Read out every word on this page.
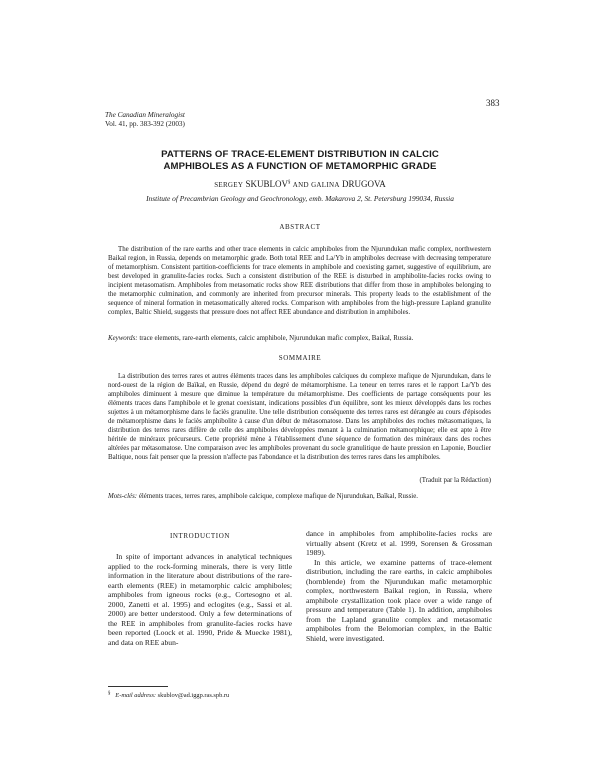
383
The Canadian Mineralogist
Vol. 41, pp. 383-392 (2003)
PATTERNS OF TRACE-ELEMENT DISTRIBUTION IN CALCIC
AMPHIBOLES AS A FUNCTION OF METAMORPHIC GRADE
SERGEY SKUBLOV§ AND GALINA DRUGOVA
Institute of Precambrian Geology and Geochronology, emb. Makarova 2, St. Petersburg 199034, Russia
ABSTRACT
The distribution of the rare earths and other trace elements in calcic amphiboles from the Njurundukan mafic complex, northwestern Baikal region, in Russia, depends on metamorphic grade. Both total REE and La/Yb in amphiboles decrease with decreasing temperature of metamorphism. Consistent partition-coefficients for trace elements in amphibole and coexisting garnet, suggestive of equilibrium, are best developed in granulite-facies rocks. Such a consistent distribution of the REE is disturbed in amphibolite-facies rocks owing to incipient metasomatism. Amphiboles from metasomatic rocks show REE distributions that differ from those in amphiboles belonging to the metamorphic culmination, and commonly are inherited from precursor minerals. This property leads to the establishment of the sequence of mineral formation in metasomatically altered rocks. Comparison with amphiboles from the high-pressure Lapland granulite complex, Baltic Shield, suggests that pressure does not affect REE abundance and distribution in amphiboles.
Keywords: trace elements, rare-earth elements, calcic amphibole, Njurundukan mafic complex, Baikal, Russia.
SOMMAIRE
La distribution des terres rares et autres éléments traces dans les amphiboles calciques du complexe mafique de Njurundukan, dans le nord-ouest de la région de Baïkal, en Russie, dépend du degré de métamorphisme. La teneur en terres rares et le rapport La/Yb des amphiboles diminuent à mesure que diminue la température du métamorphisme. Des coefficients de partage conséquents pour les éléments traces dans l'amphibole et le grenat coexistant, indications possibles d'un équilibre, sont les mieux développés dans les roches sujettes à un métamorphisme dans le faciès granulite. Une telle distribution conséquente des terres rares est dérangée au cours d'épisodes de métamorphisme dans le faciès amphibolite à cause d'un début de métasomatose. Dans les amphiboles des roches métasomatiques, la distribution des terres rares diffère de celle des amphiboles développées menant à la culmination métamorphique; elle est apte à être héritée de minéraux précurseurs. Cette propriété mène à l'établissement d'une séquence de formation des minéraux dans des roches altérées par métasomatose. Une comparaison avec les amphiboles provenant du socle granulitique de haute pression en Laponie, Bouclier Baltique, nous fait penser que la pression n'affecte pas l'abondance et la distribution des terres rares dans les amphiboles.
(Traduit par la Rédaction)
Mots-clés: éléments traces, terres rares, amphibole calcique, complexe mafique de Njurundukan, Baïkal, Russie.
INTRODUCTION
In spite of important advances in analytical techniques applied to the rock-forming minerals, there is very little information in the literature about distributions of the rare-earth elements (REE) in metamorphic calcic amphiboles; amphiboles from igneous rocks (e.g., Cortesogno et al. 2000, Zanetti et al. 1995) and eclogites (e.g., Sassi et al. 2000) are better understood. Only a few determinations of the REE in amphiboles from granulite-facies rocks have been reported (Loock et al. 1990, Pride & Muecke 1981), and data on REE abun-

dance in amphiboles from amphibolite-facies rocks are virtually absent (Kretz et al. 1999, Sorensen & Grossman 1989).

In this article, we examine patterns of trace-element distribution, including the rare earths, in calcic amphiboles (hornblende) from the Njurundukan mafic metamorphic complex, northwestern Baikal region, in Russia, where amphibole crystallization took place over a wide range of pressure and temperature (Table 1). In addition, amphiboles from the Lapland granulite complex and metasomatic amphiboles from the Belomorian complex, in the Baltic Shield, were investigated.

§ E-mail address: skublov@ad.iggp.ras.spb.ru
